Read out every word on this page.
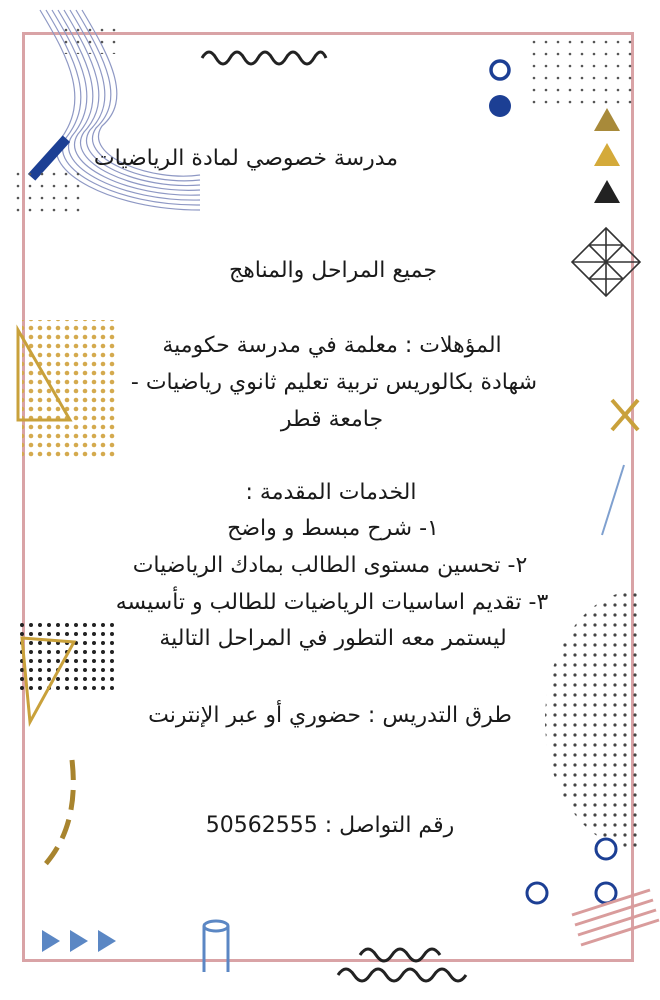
مدرسة خصوصي لمادة الرياضيات
جميع المراحل والمناهج
المؤهلات : معلمة في مدرسة حكومية
شهادة بكالوريس تربية تعليم ثانوي رياضيات -
جامعة قطر
الخدمات المقدمة :
١- شرح مبسط و واضح
٢- تحسين مستوى الطالب بمادك الرياضيات
٣- تقديم اساسيات الرياضيات للطالب و تأسيسه
ليستمر معه التطور في المراحل التالية
طرق التدريس : حضوري أو عبر الإنترنت
رقم التواصل : 50562555
